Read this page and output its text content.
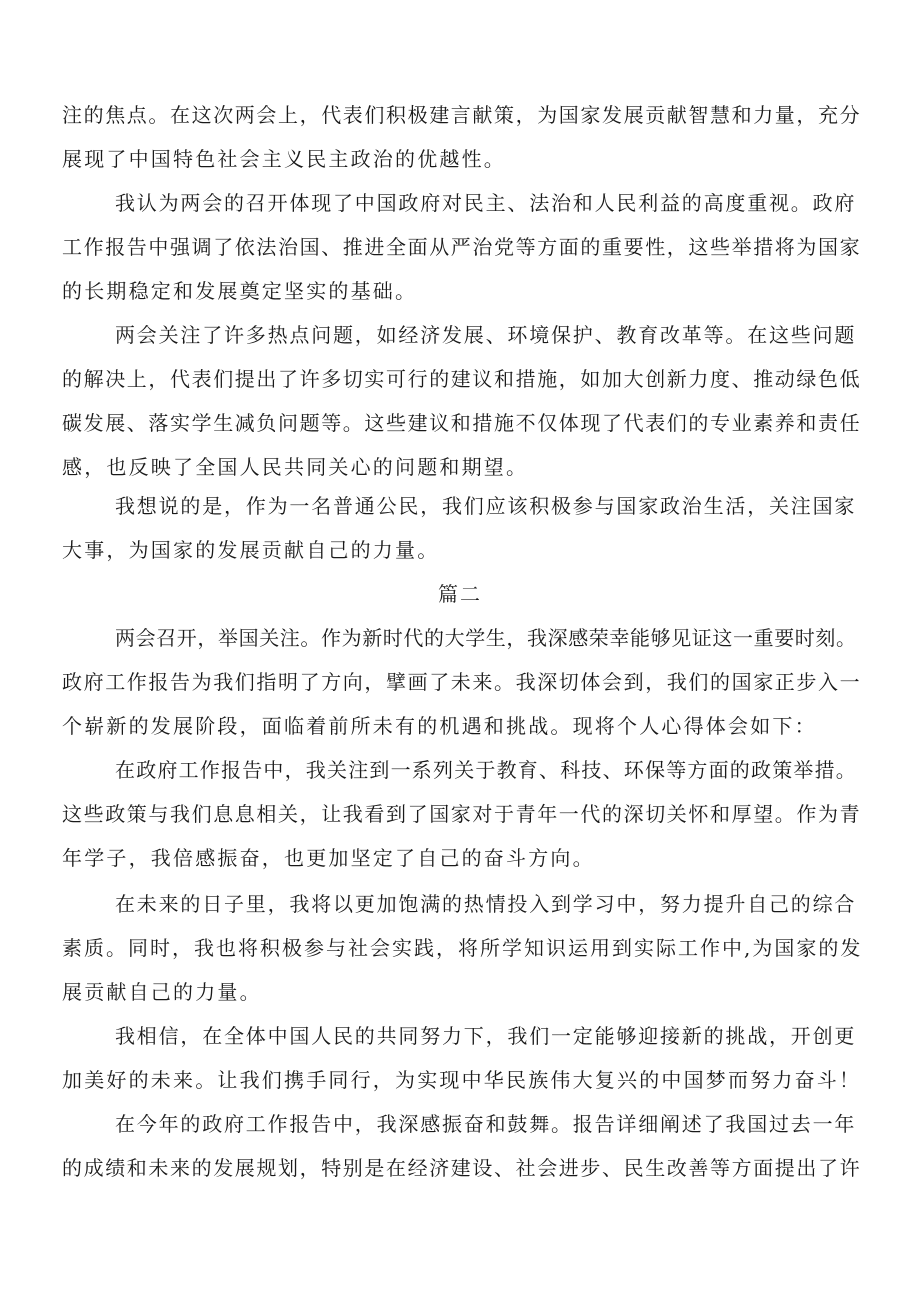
注的焦点。在这次两会上，代表们积极建言献策，为国家发展贡献智慧和力量，充分
展现了中国特色社会主义民主政治的优越性。
我认为两会的召开体现了中国政府对民主、法治和人民利益的高度重视。政府
工作报告中强调了依法治国、推进全面从严治党等方面的重要性，这些举措将为国家
的长期稳定和发展奠定坚实的基础。
两会关注了许多热点问题，如经济发展、环境保护、教育改革等。在这些问题
的解决上，代表们提出了许多切实可行的建议和措施，如加大创新力度、推动绿色低
碳发展、落实学生减负问题等。这些建议和措施不仅体现了代表们的专业素养和责任
感，也反映了全国人民共同关心的问题和期望。
我想说的是，作为一名普通公民，我们应该积极参与国家政治生活，关注国家
大事，为国家的发展贡献自己的力量。
篇二
两会召开，举国关注。作为新时代的大学生，我深感荣幸能够见证这一重要时刻。
政府工作报告为我们指明了方向，擘画了未来。我深切体会到，我们的国家正步入一
个崭新的发展阶段，面临着前所未有的机遇和挑战。现将个人心得体会如下：
在政府工作报告中，我关注到一系列关于教育、科技、环保等方面的政策举措。
这些政策与我们息息相关，让我看到了国家对于青年一代的深切关怀和厚望。作为青
年学子，我倍感振奋，也更加坚定了自己的奋斗方向。
在未来的日子里，我将以更加饱满的热情投入到学习中，努力提升自己的综合
素质。同时，我也将积极参与社会实践，将所学知识运用到实际工作中,为国家的发
展贡献自己的力量。
我相信，在全体中国人民的共同努力下，我们一定能够迎接新的挑战，开创更
加美好的未来。让我们携手同行，为实现中华民族伟大复兴的中国梦而努力奋斗！
在今年的政府工作报告中，我深感振奋和鼓舞。报告详细阐述了我国过去一年
的成绩和未来的发展规划，特别是在经济建设、社会进步、民生改善等方面提出了许
